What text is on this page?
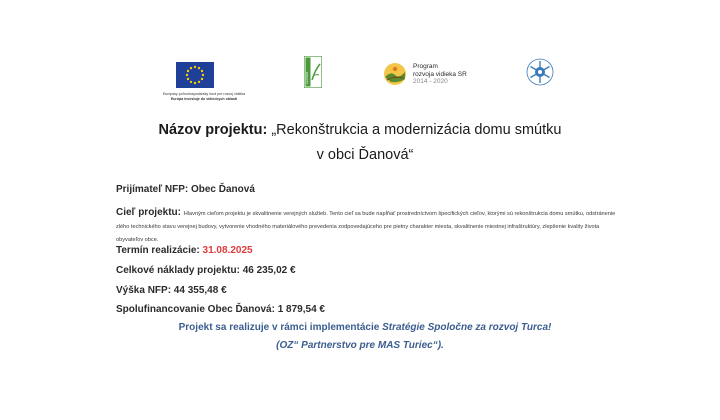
Európsky poľnohospodársky fond pre rozvoj vidieka
Európa investuje do vidieckych oblastí
LEADER
Program
rozvoja vidieka SR
2014 - 2020
Názov projektu: „Rekonštrukcia a modernizácia domu smútku
v obci Ďanová“
Prijímateľ NFP: Obec Ďanová
Cieľ projektu: Hlavným cieľom projektu je skvalitnenie verejných služieb. Tento cieľ sa bude napĺňať prostredníctvom špecifických cieľov, ktorými sú rekonštrukcia domu smútku, odstránenie zlého technického stavu verejnej budovy, vytvorenie vhodného materiálového prevedenia zodpovedajúceho pre pietny charakter miesta, skvalitnenie miestnej infraštruktúry, zlepšenie kvality života obyvateľov obce.
Termín realizácie: 31.08.2025
Celkové náklady projektu: 46 235,02 €
Výška NFP: 44 355,48 €
Spolufinancovanie Obec Ďanová: 1 879,54 €
Projekt sa realizuje v rámci implementácie Stratégie Spoločne za rozvoj Turca!
(OZ“ Partnerstvo pre MAS Turiec“).
